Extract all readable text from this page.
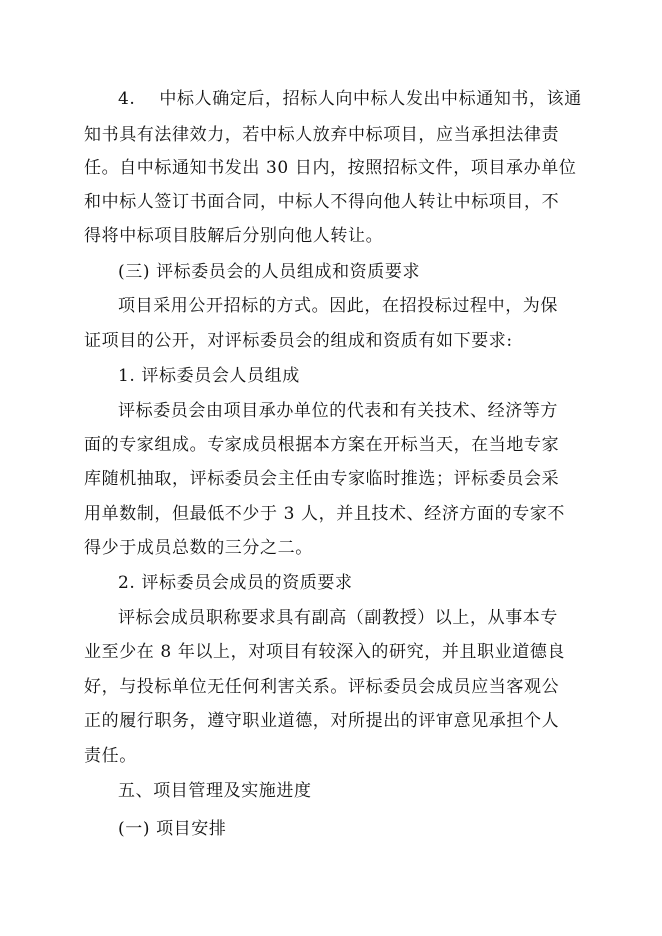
4.    中标人确定后，招标人向中标人发出中标通知书，该通
知书具有法律效力，若中标人放弃中标项目，应当承担法律责
任。自中标通知书发出 30 日内，按照招标文件，项目承办单位
和中标人签订书面合同，中标人不得向他人转让中标项目，不
得将中标项目肢解后分别向他人转让。
(三) 评标委员会的人员组成和资质要求
项目采用公开招标的方式。因此，在招投标过程中，为保
证项目的公开，对评标委员会的组成和资质有如下要求:
1. 评标委员会人员组成
评标委员会由项目承办单位的代表和有关技术、经济等方
面的专家组成。专家成员根据本方案在开标当天，在当地专家
库随机抽取，评标委员会主任由专家临时推选；评标委员会采
用单数制，但最低不少于 3 人，并且技术、经济方面的专家不
得少于成员总数的三分之二。
2. 评标委员会成员的资质要求
评标会成员职称要求具有副高（副教授）以上，从事本专
业至少在 8 年以上，对项目有较深入的研究，并且职业道德良
好，与投标单位无任何利害关系。评标委员会成员应当客观公
正的履行职务，遵守职业道德，对所提出的评审意见承担个人
责任。
五、项目管理及实施进度
(一) 项目安排
